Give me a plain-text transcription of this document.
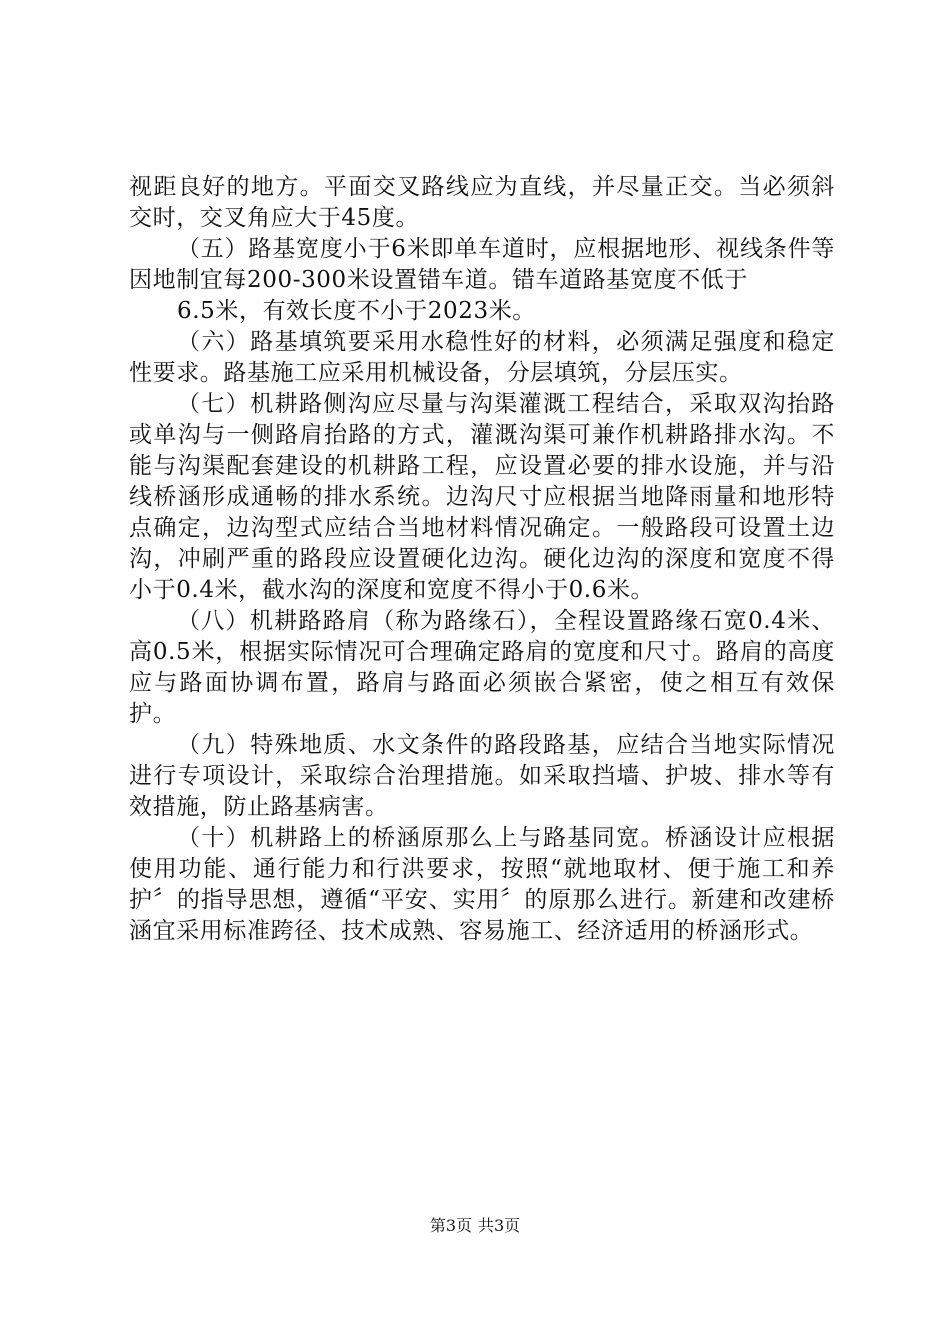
视距良好的地方。平面交叉路线应为直线，并尽量正交。当必须斜交时，交叉角应大于45度。

（五）路基宽度小于6米即单车道时，应根据地形、视线条件等因地制宜每200-300米设置错车道。错车道路基宽度不低于

6.5米，有效长度不小于2023米。

（六）路基填筑要采用水稳性好的材料，必须满足强度和稳定性要求。路基施工应采用机械设备，分层填筑，分层压实。

（七）机耕路侧沟应尽量与沟渠灌溉工程结合，采取双沟抬路或单沟与一侧路肩抬路的方式，灌溉沟渠可兼作机耕路排水沟。不能与沟渠配套建设的机耕路工程，应设置必要的排水设施，并与沿线桥涵形成通畅的排水系统。边沟尺寸应根据当地降雨量和地形特点确定，边沟型式应结合当地材料情况确定。一般路段可设置土边沟，冲刷严重的路段应设置硬化边沟。硬化边沟的深度和宽度不得小于0.4米，截水沟的深度和宽度不得小于0.6米。

（八）机耕路路肩（称为路缘石），全程设置路缘石宽0.4米、高0.5米，根据实际情况可合理确定路肩的宽度和尺寸。路肩的高度应与路面协调布置，路肩与路面必须嵌合紧密，使之相互有效保护。

（九）特殊地质、水文条件的路段路基，应结合当地实际情况进行专项设计，采取综合治理措施。如采取挡墙、护坡、排水等有效措施，防止路基病害。

（十）机耕路上的桥涵原那么上与路基同宽。桥涵设计应根据使用功能、通行能力和行洪要求，按照“就地取材、便于施工和养护〞的指导思想，遵循“平安、实用〞的原那么进行。新建和改建桥涵宜采用标准跨径、技术成熟、容易施工、经济适用的桥涵形式。

第3页 共3页
